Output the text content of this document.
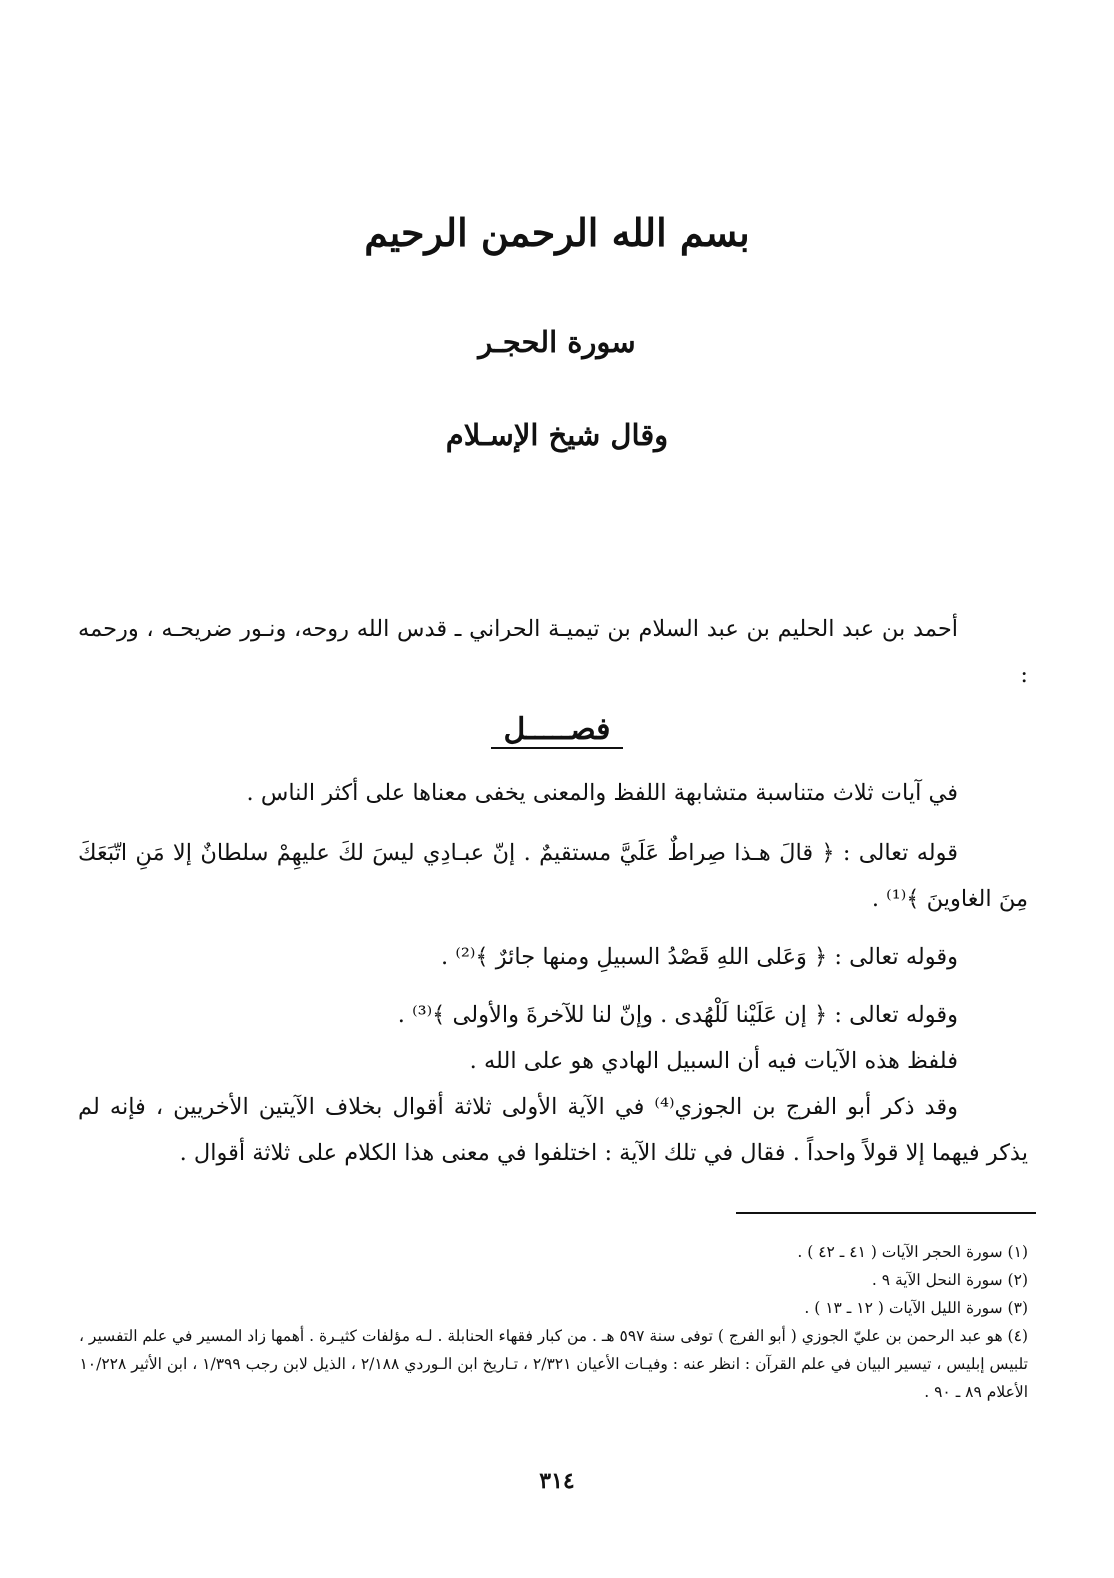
بسم الله الرحمن الرحيم
سورة الحجـر
وقال شيخ الإسـلام

أحمد بن عبد الحليم بن عبد السلام بن تيميـة الحراني ـ قدس الله روحه، ونـور ضريحـه ، ورحمه :

فصـــــل

في آيات ثلاث متناسبة متشابهة اللفظ والمعنى يخفى معناها على أكثر الناس .

قوله تعالى : ﴿ قالَ هـذا صِراطٌ عَلَيَّ مستقيمٌ . إنّ عبـادِي ليسَ لكَ عليهِمْ سلطانٌ إلا مَنِ اتّبَعَكَ مِنَ الغاوينَ ﴾⁽¹⁾ .

وقوله تعالى : ﴿ وَعَلى اللهِ قَصْدُ السبيلِ ومنها جائرٌ ﴾⁽²⁾ .

وقوله تعالى : ﴿ إن عَلَيْنا لَلْهُدى . وإنّ لنا للآخرةَ والأولى ﴾⁽³⁾ .

فلفظ هذه الآيات فيه أن السبيل الهادي هو على الله .

وقد ذكر أبو الفرج بن الجوزي⁽⁴⁾ في الآية الأولى ثلاثة أقوال بخلاف الآيتين الأخريين ، فإنه لم يذكر فيهما إلا قولاً واحداً . فقال في تلك الآية : اختلفوا في معنى هذا الكلام على ثلاثة أقوال .

(١) سورة الحجر الآيات ( ٤١ ـ ٤٢ ) .

(٢) سورة النحل الآية ٩ .

(٣) سورة الليل الآيات ( ١٢ ـ ١٣ ) .

(٤) هو عبد الرحمن بن عليّ الجوزي ( أبو الفرج ) توفى سنة ٥٩٧ هـ . من كبار فقهاء الحنابلة . لـه مؤلفات كثيـرة . أهمها زاد المسير في علم التفسير ، تلبيس إبليس ، تيسير البيان في علم القرآن : انظر عنه : وفيـات الأعيان ٢/٣٢١ ، تـاريخ ابن الـوردي ٢/١٨٨ ، الذيل لابن رجب ١/٣٩٩ ، ابن الأثير ١٠/٢٢٨ الأعلام ٨٩ ـ ٩٠ .

٣١٤
